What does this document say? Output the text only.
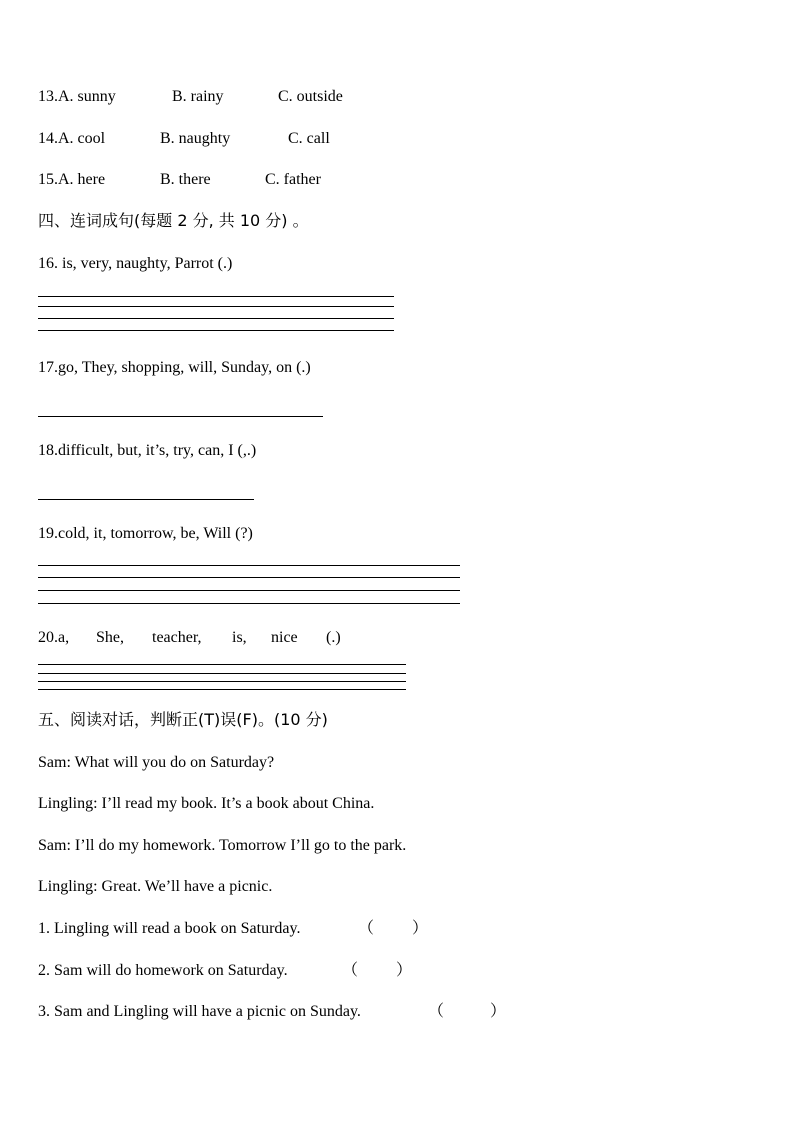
13.A. sunny	B. rainy	C. outside
14.A. cool	B. naughty	C. call
15.A. here	B. there	C. father
四、连词成句(每题 2 分, 共 10 分) 。
16. is, very, naughty, Parrot (.)
17.go, They, shopping, will, Sunday, on (.)
18.difficult, but, it’s, try, can, I (,.)
19.cold, it, tomorrow, be, Will (?)
20.a, She, teacher, is, nice (.)
五、阅读对话，判断正(T)误(F)。(10 分)
Sam: What will you do on Saturday?
Lingling: I’ll read my book. It’s a book about China.
Sam: I’ll do my homework. Tomorrow I’ll go to the park.
Lingling: Great. We’ll have a picnic.
1. Lingling will read a book on Saturday.	（ ）
2. Sam will do homework on Saturday.	（ ）
3. Sam and Lingling will have a picnic on Sunday.	（	）
